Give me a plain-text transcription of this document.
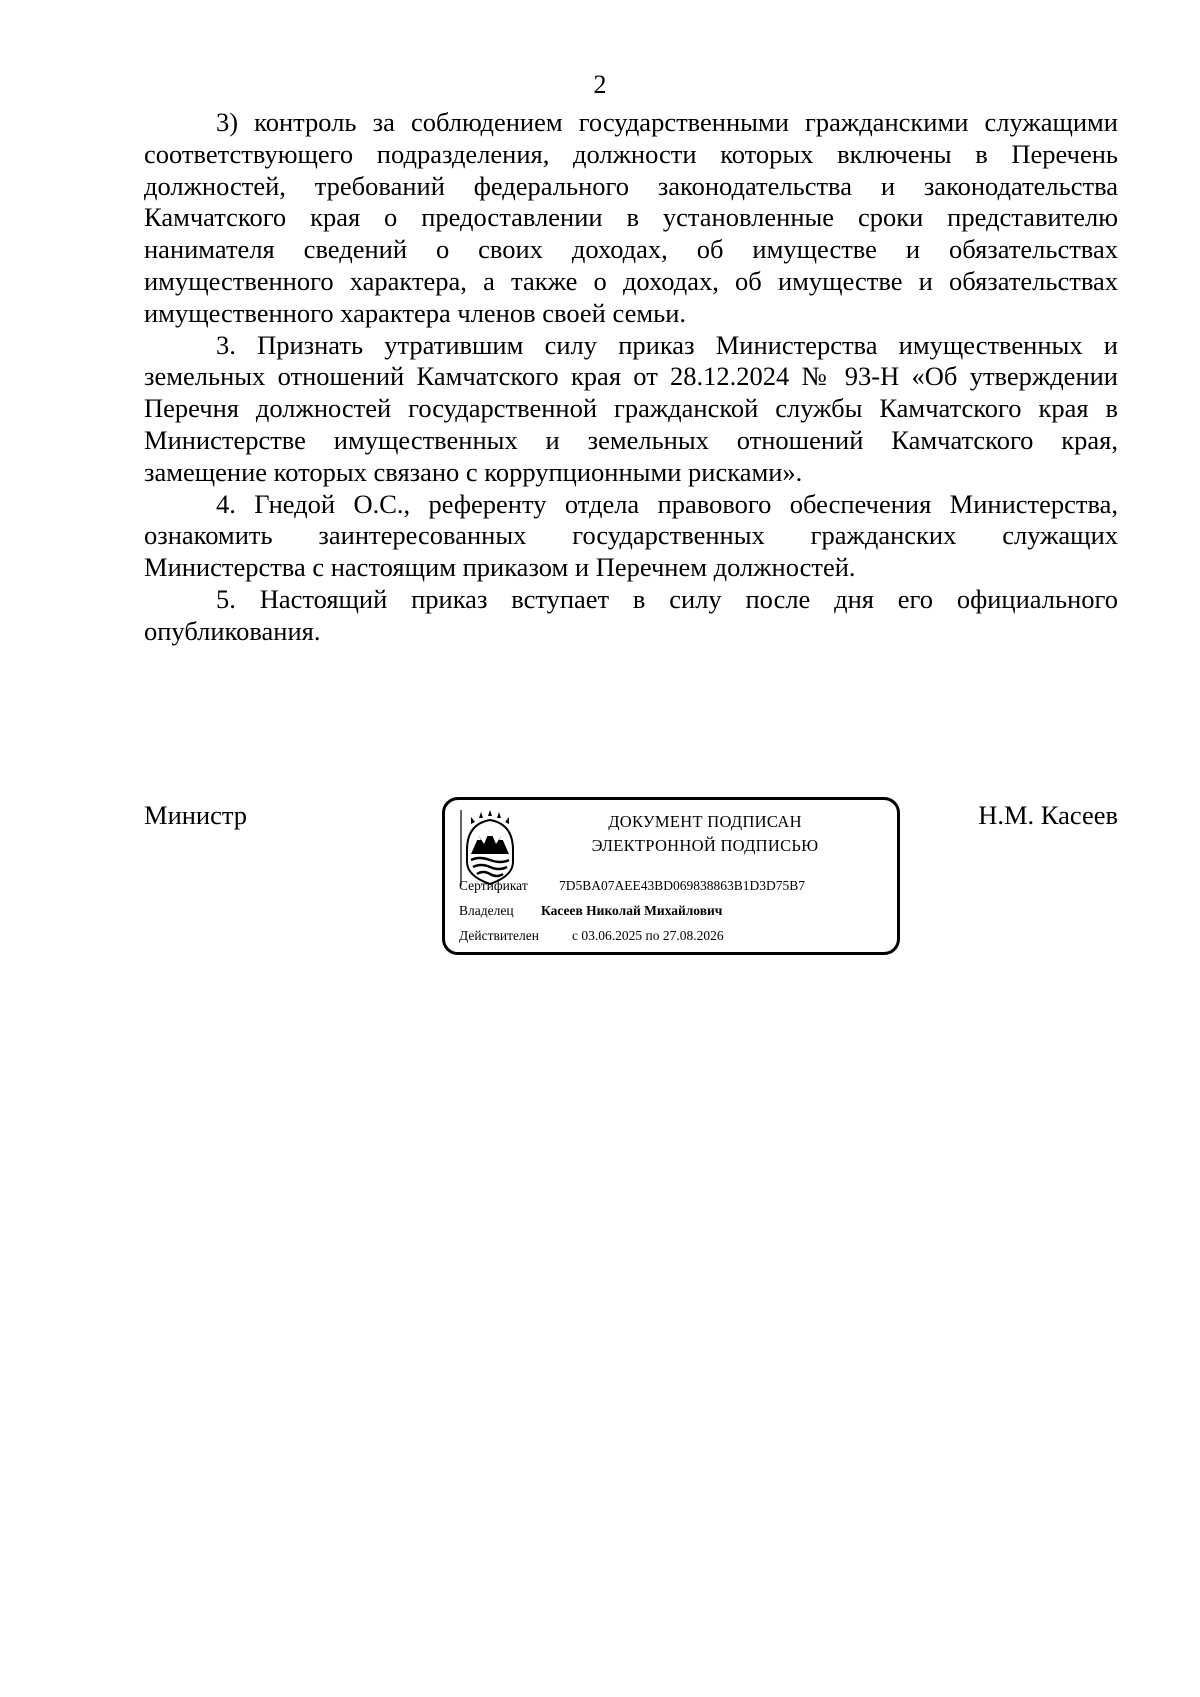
2

3) контроль за соблюдением государственными гражданскими служащими соответствующего подразделения, должности которых включены в Перечень должностей, требований федерального законодательства и законодательства Камчатского края о предоставлении в установленные сроки представителю нанимателя сведений о своих доходах, об имуществе и обязательствах имущественного характера, а также о доходах, об имуществе и обязательствах имущественного характера членов своей семьи.

3. Признать утратившим силу приказ Министерства имущественных и земельных отношений Камчатского края от 28.12.2024 № 93-Н «Об утверждении Перечня должностей государственной гражданской службы Камчатского края в Министерстве имущественных и земельных отношений Камчатского края, замещение которых связано с коррупционными рисками».

4. Гнедой О.С., референту отдела правового обеспечения Министерства, ознакомить заинтересованных государственных гражданских служащих Министерства с настоящим приказом и Перечнем должностей.

5. Настоящий приказ вступает в силу после дня его официального опубликования.

Министр	Н.М. Касеев
ДОКУМЕНТ ПОДПИСАН
ЭЛЕКТРОННОЙ ПОДПИСЬЮ
Сертификат 7D5BA07AEE43BD069838863B1D3D75B7
Владелец Касеев Николай Михайлович
Действителен с 03.06.2025 по 27.08.2026
